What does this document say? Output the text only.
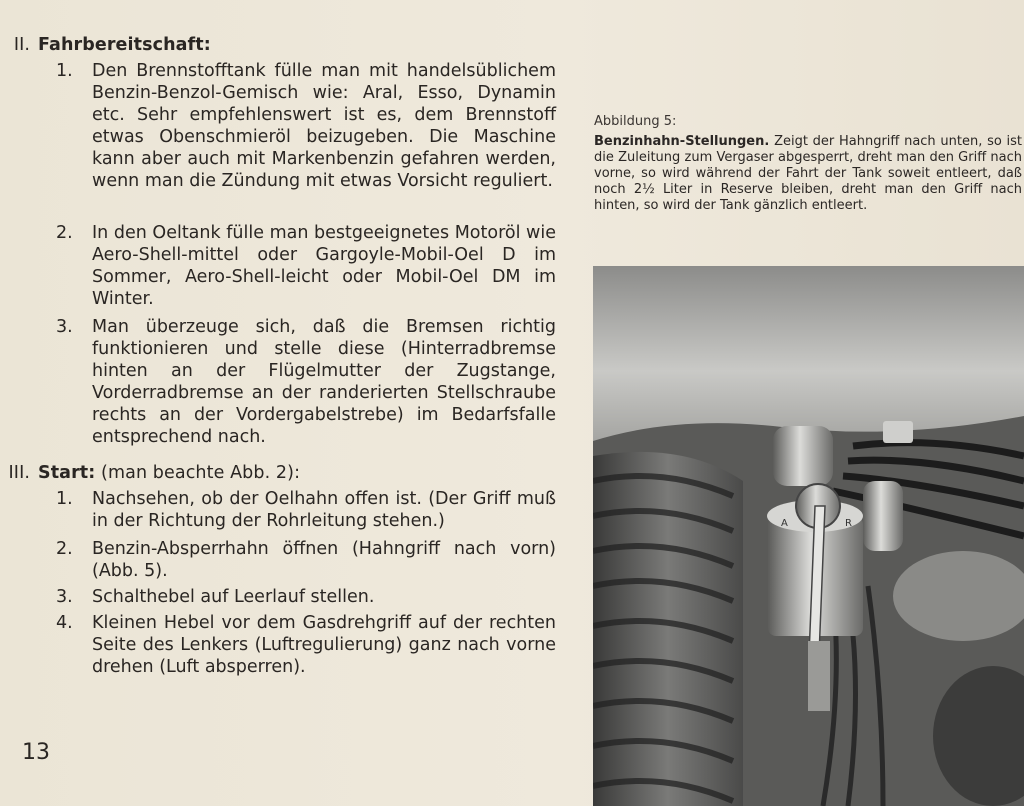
II. Fahrbereitschaft:
1.	Den Brennstofftank fülle man mit handelsüblichem Benzin-Benzol-Gemisch wie: Aral, Esso, Dynamin etc. Sehr empfehlenswert ist es, dem Brennstoff etwas Obenschmieröl beizugeben. Die Maschine kann aber auch mit Markenbenzin gefahren werden, wenn man die Zündung mit etwas Vorsicht reguliert.
2.	In den Oeltank fülle man bestgeeignetes Motoröl wie Aero-Shell-mittel oder Gargoyle-Mobil-Oel D im Sommer, Aero-Shell-leicht oder Mobil-Oel DM im Winter.
3.	Man überzeuge sich, daß die Bremsen richtig funktionieren und stelle diese (Hinterradbremse hinten an der Flügelmutter der Zugstange, Vorderradbremse an der randerierten Stellschraube rechts an der Vordergabelstrebe) im Bedarfsfalle entsprechend nach.
III. Start: (man beachte Abb. 2):
1.	Nachsehen, ob der Oelhahn offen ist. (Der Griff muß in der Richtung der Rohrleitung stehen.)
2.	Benzin-Absperrhahn öffnen (Hahngriff nach vorn) (Abb. 5).
3.	Schalthebel auf Leerlauf stellen.
4.	Kleinen Hebel vor dem Gasdrehgriff auf der rechten Seite des Lenkers (Luftregulierung) ganz nach vorne drehen (Luft absperren).
13
Abbildung 5:
Benzinhahn-Stellungen. Zeigt der Hahngriff nach unten, so ist die Zuleitung zum Vergaser abgesperrt, dreht man den Griff nach vorne, so wird während der Fahrt der Tank soweit entleert, daß noch 2½ Liter in Reserve bleiben, dreht man den Griff nach hinten, so wird der Tank gänzlich entleert.
A	R
